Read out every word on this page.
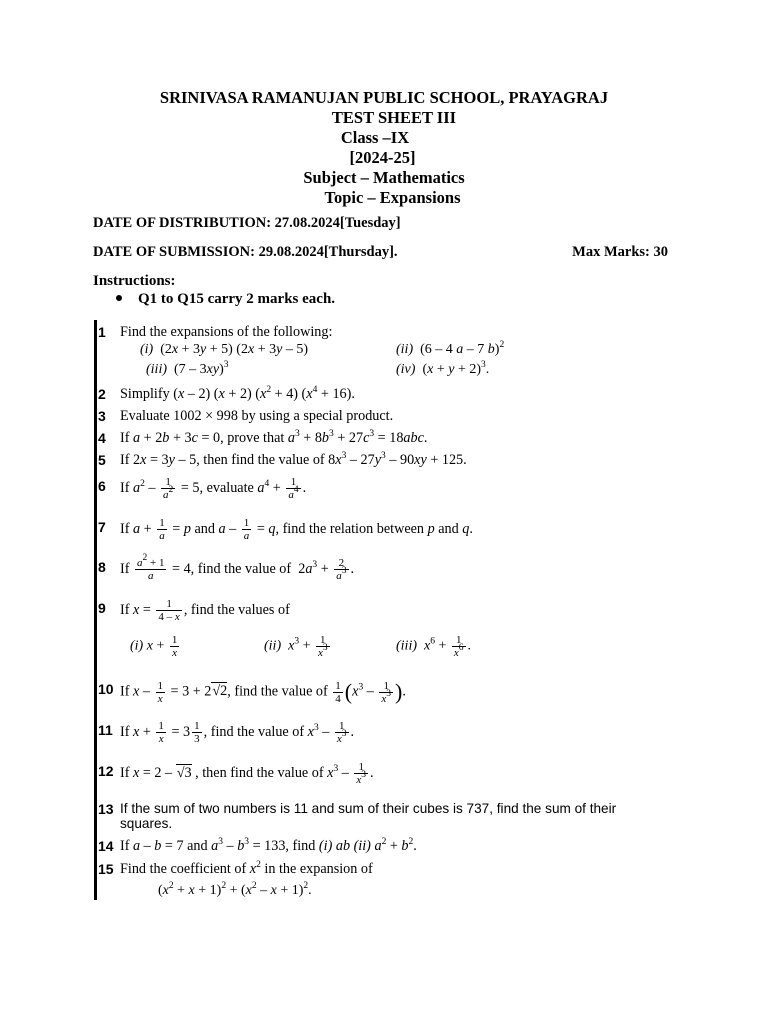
SRINIVASA RAMANUJAN PUBLIC SCHOOL, PRAYAGRAJ
TEST SHEET III
Class –IX
[2024-25]
Subject – Mathematics
Topic – Expansions
DATE OF DISTRIBUTION: 27.08.2024[Tuesday]
DATE OF SUBMISSION: 29.08.2024[Thursday].	Max Marks: 30
Instructions:
Q1 to Q15 carry 2 marks each.
1 Find the expansions of the following:
(i)  (2x + 3y + 5) (2x + 3y – 5)	(ii)  (6 – 4 a – 7 b)$^2$
(iii)  (7 – 3xy)$^3$	(iv)  $(x + y + 2)^3$.
2 Simplify (x – 2) (x + 2) $(x^2 + 4) (x^4 + 16)$.
3 Evaluate 1002 × 998 by using a special product.
4 If a + 2b + 3c = 0, prove that $a^3 + 8b^3 + 27c^3 = 18abc$.
5 If 2x = 3y – 5, then find the value of $8x^3 - 27y^3 - 90xy + 125$.
6 If $a^2 - \frac{1}{a^2} = 5$, evaluate $a^4 + \frac{1}{a^4}$ .
7 If $a + \frac{1}{a} = p$ and $a - \frac{1}{a} = q$, find the relation between p and q.
8 If $\frac{a^2 + 1}{a} = 4$, find the value of  $2a^3 + \frac{2}{a^3}$ .
9 If $x = \frac{1}{4 - x}$ , find the values of
(i) $x + \frac{1}{x}$	(ii) $x^3 + \frac{1}{x^3}$	(iii) $x^6 + \frac{1}{x^6}$ .
10 If $x - \frac{1}{x} = 3 + 2√2$, find the value of $\frac{1}{4} (x^3 - \frac{1}{x^3}$ ).
11 If $x + \frac{1}{x} = 3 \frac{1}{3}$ , find the value of $x^3 - \frac{1}{x^3}$ .
12 If x = 2 – √3 , then find the value of $x^3 - \frac{1}{x^3}$ .
13 If the sum of two numbers is 11 and sum of their cubes is 737, find the sum of their
squares.
14 If a – b = 7 and $a^3 - b^3 = 133$, find (i) ab (ii) $a^2 + b^2$.
15 Find the coefficient of $x^2$ in the expansion of
$(x^2 + x + 1)^2 + (x^2 - x + 1)^2$.
